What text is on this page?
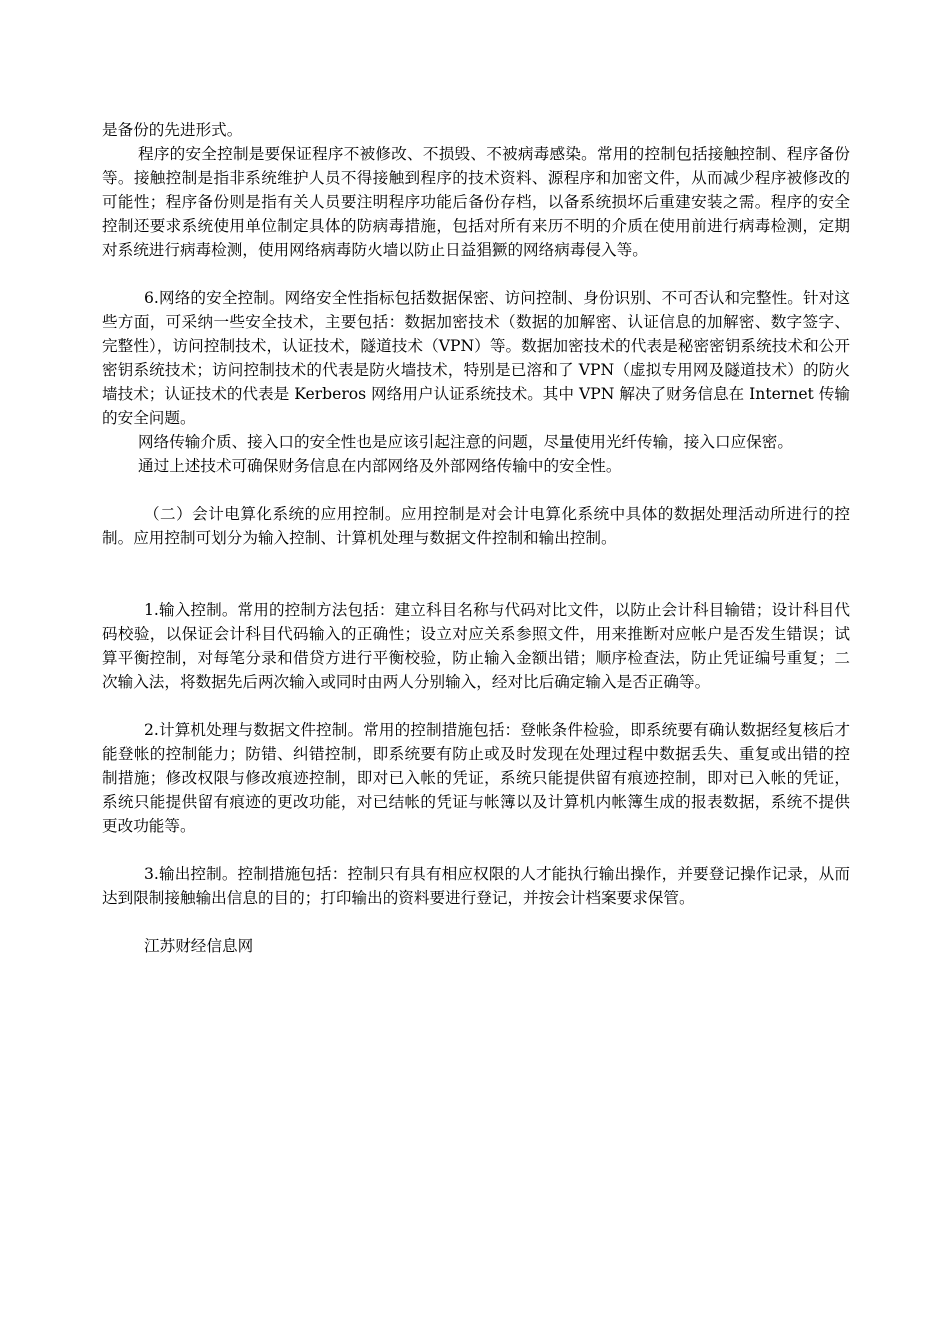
是备份的先进形式。

程序的安全控制是要保证程序不被修改、不损毁、不被病毒感染。常用的控制包括接触控制、程序备份等。接触控制是指非系统维护人员不得接触到程序的技术资料、源程序和加密文件，从而减少程序被修改的可能性；程序备份则是指有关人员要注明程序功能后备份存档，以备系统损坏后重建安装之需。程序的安全控制还要求系统使用单位制定具体的防病毒措施，包括对所有来历不明的介质在使用前进行病毒检测，定期对系统进行病毒检测，使用网络病毒防火墙以防止日益猖獗的网络病毒侵入等。

6.网络的安全控制。网络安全性指标包括数据保密、访问控制、身份识别、不可否认和完整性。针对这些方面，可采纳一些安全技术，主要包括：数据加密技术（数据的加解密、认证信息的加解密、数字签字、完整性），访问控制技术，认证技术，隧道技术（VPN）等。数据加密技术的代表是秘密密钥系统技术和公开密钥系统技术；访问控制技术的代表是防火墙技术，特别是已溶和了 VPN（虚拟专用网及隧道技术）的防火墙技术；认证技术的代表是 Kerberos 网络用户认证系统技术。其中 VPN 解决了财务信息在 Internet 传输的安全问题。

网络传输介质、接入口的安全性也是应该引起注意的问题，尽量使用光纤传输，接入口应保密。

通过上述技术可确保财务信息在内部网络及外部网络传输中的安全性。

（二）会计电算化系统的应用控制。应用控制是对会计电算化系统中具体的数据处理活动所进行的控制。应用控制可划分为输入控制、计算机处理与数据文件控制和输出控制。

1.输入控制。常用的控制方法包括：建立科目名称与代码对比文件，以防止会计科目输错；设计科目代码校验，以保证会计科目代码输入的正确性；设立对应关系参照文件，用来推断对应帐户是否发生错误；试算平衡控制，对每笔分录和借贷方进行平衡校验，防止输入金额出错；顺序检查法，防止凭证编号重复；二次输入法，将数据先后两次输入或同时由两人分别输入，经对比后确定输入是否正确等。

2.计算机处理与数据文件控制。常用的控制措施包括：登帐条件检验，即系统要有确认数据经复核后才能登帐的控制能力；防错、纠错控制，即系统要有防止或及时发现在处理过程中数据丢失、重复或出错的控制措施；修改权限与修改痕迹控制，即对已入帐的凭证，系统只能提供留有痕迹控制，即对已入帐的凭证，系统只能提供留有痕迹的更改功能，对已结帐的凭证与帐簿以及计算机内帐簿生成的报表数据，系统不提供更改功能等。

3.输出控制。控制措施包括：控制只有具有相应权限的人才能执行输出操作，并要登记操作记录，从而达到限制接触输出信息的目的；打印输出的资料要进行登记，并按会计档案要求保管。

江苏财经信息网
